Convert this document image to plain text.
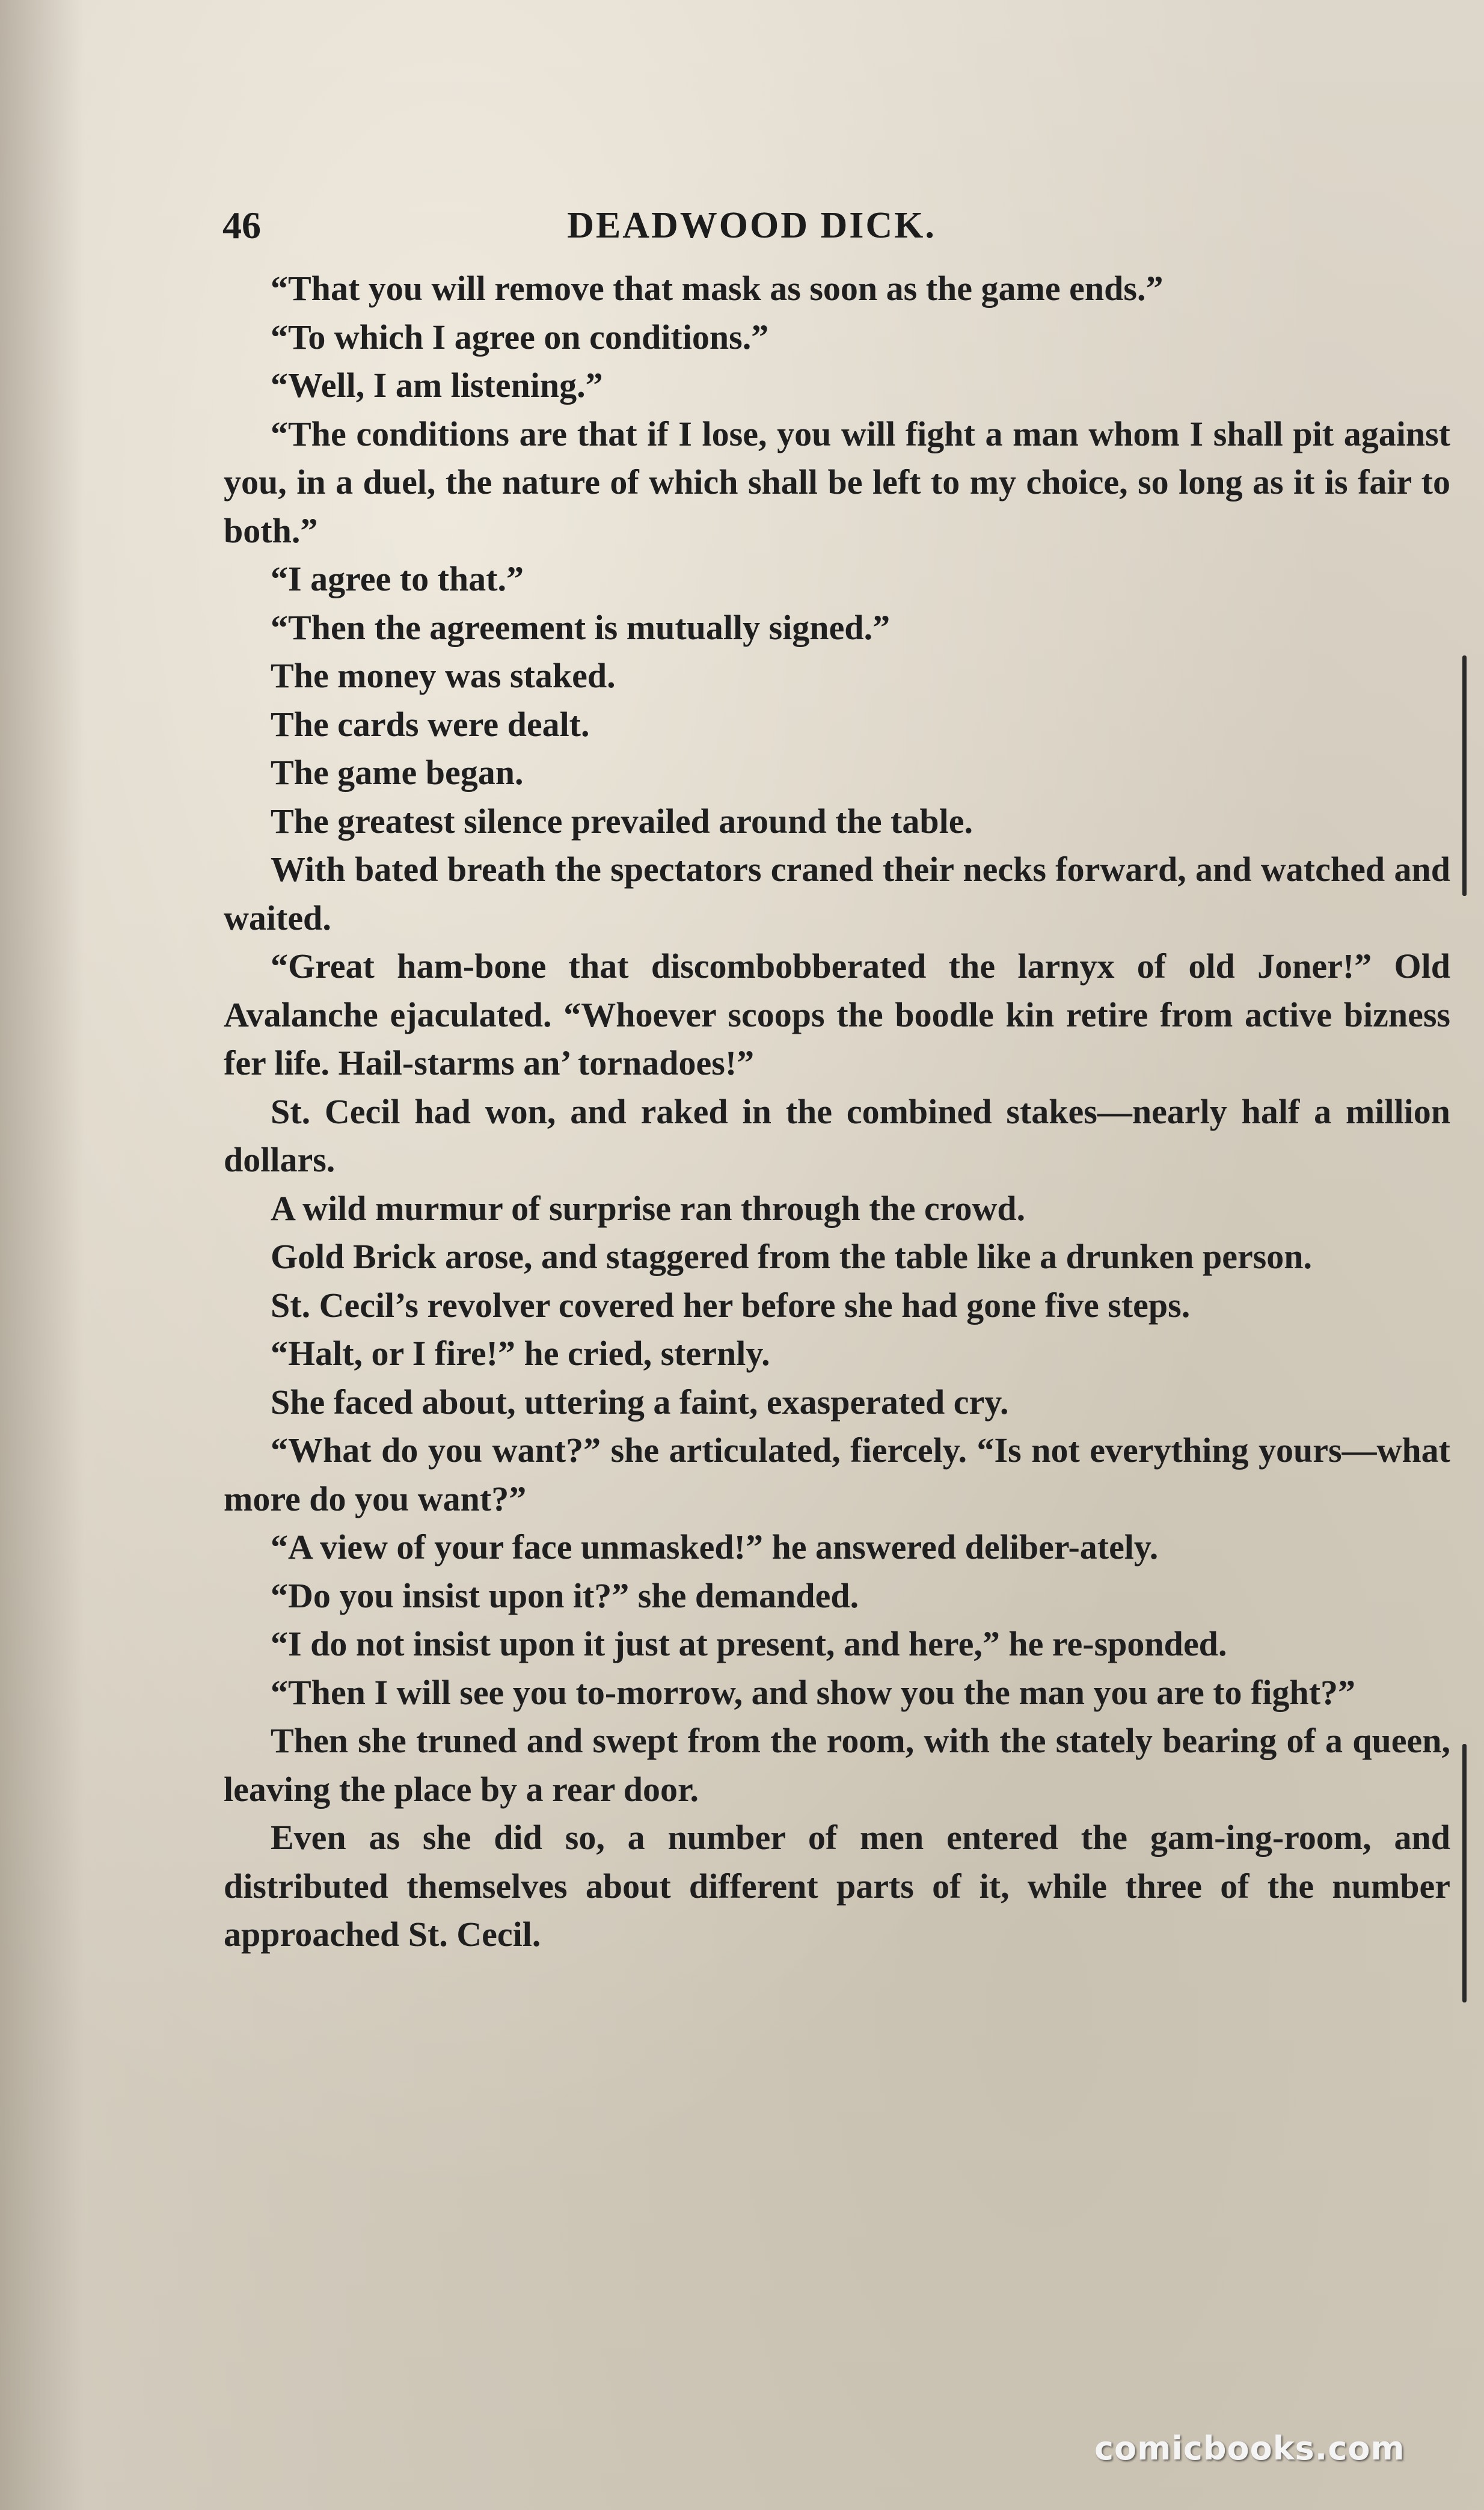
46	DEADWOOD DICK.

“That you will remove that mask as soon as the game ends.”

“To which I agree on conditions.”

“Well, I am listening.”

“The conditions are that if I lose, you will fight a man whom I shall pit against you, in a duel, the nature of which shall be left to my choice, so long as it is fair to both.”

“I agree to that.”

“Then the agreement is mutually signed.”

The money was staked.

The cards were dealt.

The game began.

The greatest silence prevailed around the table.

With bated breath the spectators craned their necks forward, and watched and waited.

“Great ham-bone that discombobberated the larnyx of old Joner!” Old Avalanche ejaculated. “Whoever scoops the boodle kin retire from active bizness fer life. Hail-starms an’ tornadoes!”

St. Cecil had won, and raked in the combined stakes—nearly half a million dollars.

A wild murmur of surprise ran through the crowd.

Gold Brick arose, and staggered from the table like a drunken person.

St. Cecil’s revolver covered her before she had gone five steps.

“Halt, or I fire!” he cried, sternly.

She faced about, uttering a faint, exasperated cry.

“What do you want?” she articulated, fiercely. “Is not everything yours—what more do you want?”

“A view of your face unmasked!” he answered deliber-ately.

“Do you insist upon it?” she demanded.

“I do not insist upon it just at present, and here,” he re-sponded.

“Then I will see you to-morrow, and show you the man you are to fight?”

Then she truned and swept from the room, with the stately bearing of a queen, leaving the place by a rear door.

Even as she did so, a number of men entered the gam-ing-room, and distributed themselves about different parts of it, while three of the number approached St. Cecil.

comicbooks.com
